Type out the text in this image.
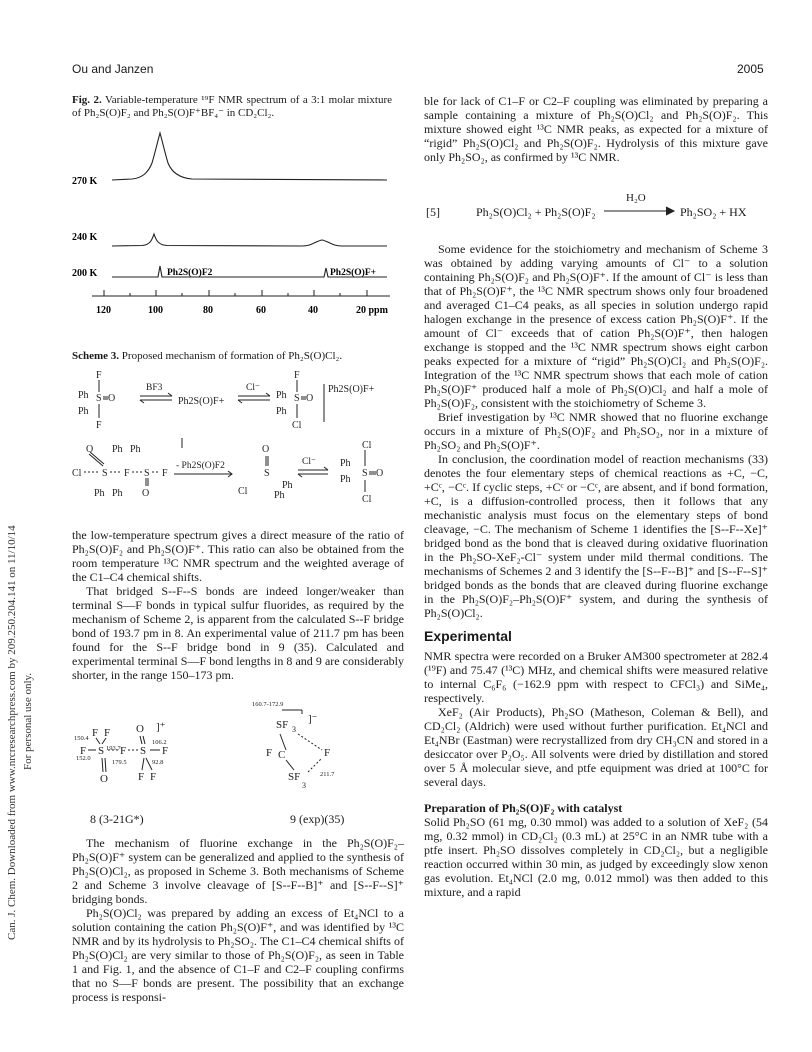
Ou and Janzen	2005
Can. J. Chem. Downloaded from www.nrcresearchpress.com by 209.250.204.141 on 11/10/14 For personal use only.
Fig. 2. Variable-temperature ¹⁹F NMR spectrum of a 3:1 molar mixture of Ph₂S(O)F₂ and Ph₂S(O)F⁺BF₄⁻ in CD₂Cl₂.
270 K
240 K
200 K	Ph2S(O)F2	Ph2S(O)F+
120	100	80	60	40	20 ppm
Scheme 3. Proposed mechanism of formation of Ph₂S(O)Cl₂.
F
Ph S O
Ph
F
BF3
Ph2S(O)F+
Cl⁻
F
Ph S O
Ph
Cl
Ph2S(O)F+
O Ph Ph
Cl S F S F
Ph Ph O
- Ph2S(O)F2
O
S
Cl
Ph
Ph
Cl⁻
Cl
Ph
S O
Ph
Cl

the low-temperature spectrum gives a direct measure of the ratio of Ph₂S(O)F₂ and Ph₂S(O)F⁺. This ratio can also be obtained from the room temperature ¹³C NMR spectrum and the weighted average of the C1–C4 chemical shifts.

That bridged S--F--S bonds are indeed longer/weaker than terminal S—F bonds in typical sulfur fluorides, as required by the mechanism of Scheme 2, is apparent from the calculated S--F bridge bond of 193.7 pm in 8. An experimental value of 211.7 pm has been found for the S--F bridge bond in 9 (35). Calculated and experimental terminal S—F bond lengths in 8 and 9 are considerably shorter, in the range 150–173 pm.

F F
F S F S F
O	F F
O ]⁺	SF 3
]⁻
F C	F
SF
3
150.4
152.0
193.7
179.5
106.2
92.8
160.7-172.9
211.7
8 (3-21G*)	9 (exp)(35)

The mechanism of fluorine exchange in the Ph₂S(O)F₂–Ph₂S(O)F⁺ system can be generalized and applied to the synthesis of Ph₂S(O)Cl₂, as proposed in Scheme 3. Both mechanisms of Scheme 2 and Scheme 3 involve cleavage of [S--F--B]⁺ and [S--F--S]⁺ bridging bonds.

Ph₂S(O)Cl₂ was prepared by adding an excess of Et₄NCl to a solution containing the cation Ph₂S(O)F⁺, and was identified by ¹³C NMR and by its hydrolysis to Ph₂SO₂. The C1–C4 chemical shifts of Ph₂S(O)Cl₂ are very similar to those of Ph₂S(O)F₂, as seen in Table 1 and Fig. 1, and the absence of C1–F and C2–F coupling confirms that no S—F bonds are present. The possibility that an exchange process is responsi-

ble for lack of C1–F or C2–F coupling was eliminated by preparing a sample containing a mixture of Ph₂S(O)Cl₂ and Ph₂S(O)F₂. This mixture showed eight ¹³C NMR peaks, as expected for a mixture of “rigid” Ph₂S(O)Cl₂ and Ph₂S(O)F₂. Hydrolysis of this mixture gave only Ph₂SO₂, as confirmed by ¹³C NMR.

[5]	Ph₂S(O)Cl₂ + Ph₂S(O)F₂
H₂O
Ph₂SO₂ + HX

Some evidence for the stoichiometry and mechanism of Scheme 3 was obtained by adding varying amounts of Cl⁻ to a solution containing Ph₂S(O)F₂ and Ph₂S(O)F⁺. If the amount of Cl⁻ is less than that of Ph₂S(O)F⁺, the ¹³C NMR spectrum shows only four broadened and averaged C1–C4 peaks, as all species in solution undergo rapid halogen exchange in the presence of excess cation Ph₂S(O)F⁺. If the amount of Cl⁻ exceeds that of cation Ph₂S(O)F⁺, then halogen exchange is stopped and the ¹³C NMR spectrum shows eight carbon peaks expected for a mixture of “rigid” Ph₂S(O)Cl₂ and Ph₂S(O)F₂. Integration of the ¹³C NMR spectrum shows that each mole of cation Ph₂S(O)F⁺ produced half a mole of Ph₂S(O)Cl₂ and half a mole of Ph₂S(O)F₂, consistent with the stoichiometry of Scheme 3.

Brief investigation by ¹³C NMR showed that no fluorine exchange occurs in a mixture of Ph₂S(O)F₂ and Ph₂SO₂, nor in a mixture of Ph₂SO₂ and Ph₂S(O)F⁺.

In conclusion, the coordination model of reaction mechanisms (33) denotes the four elementary steps of chemical reactions as +C, −C, +Cᶜ, −Cᶜ. If cyclic steps, +Cᶜ or −Cᶜ, are absent, and if bond formation, +C, is a diffusion-controlled process, then it follows that any mechanistic analysis must focus on the elementary steps of bond cleavage, −C. The mechanism of Scheme 1 identifies the [S--F--Xe]⁺ bridged bond as the bond that is cleaved during oxidative fluorination in the Ph₂SO-XeF₂-Cl⁻ system under mild thermal conditions. The mechanisms of Schemes 2 and 3 identify the [S--F--B]⁺ and [S--F--S]⁺ bridged bonds as the bonds that are cleaved during fluorine exchange in the Ph₂S(O)F₂–Ph₂S(O)F⁺ system, and during the synthesis of Ph₂S(O)Cl₂.

Experimental

NMR spectra were recorded on a Bruker AM300 spectrometer at 282.4 (¹⁹F) and 75.47 (¹³C) MHz, and chemical shifts were measured relative to internal C₆F₆ (−162.9 ppm with respect to CFCl₃) and SiMe₄, respectively.

XeF₂ (Air Products), Ph₂SO (Matheson, Coleman & Bell), and CD₂Cl₂ (Aldrich) were used without further purification. Et₄NCl and Et₄NBr (Eastman) were recrystallized from dry CH₃CN and stored in a desiccator over P₂O₅. All solvents were dried by distillation and stored over 5 Å molecular sieve, and ptfe equipment was dried at 100°C for several days.

Preparation of Ph₂S(O)F₂ with catalyst

Solid Ph₂SO (61 mg, 0.30 mmol) was added to a solution of XeF₂ (54 mg, 0.32 mmol) in CD₂Cl₂ (0.3 mL) at 25°C in an NMR tube with a ptfe insert. Ph₂SO dissolves completely in CD₂Cl₂, but a negligible reaction occurred within 30 min, as judged by exceedingly slow xenon gas evolution. Et₄NCl (2.0 mg, 0.012 mmol) was then added to this mixture, and a rapid
